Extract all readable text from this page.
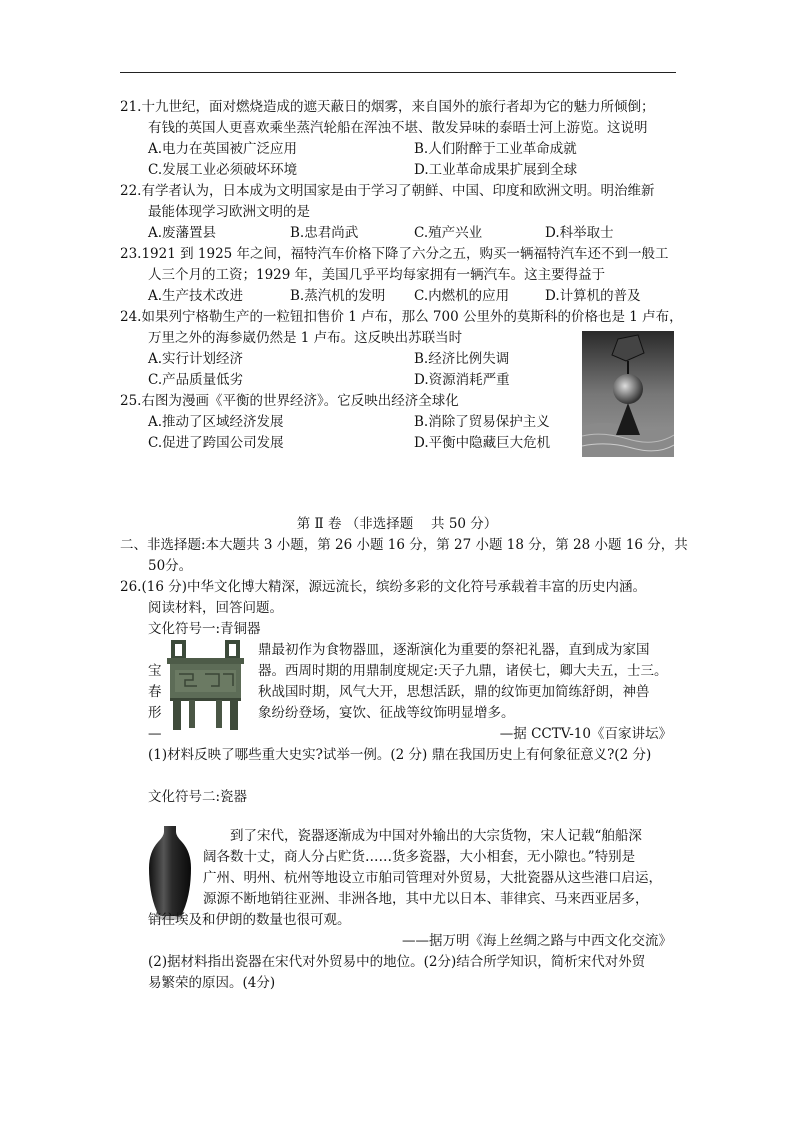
21.十九世纪，面对燃烧造成的遮天蔽日的烟雾，来自国外的旅行者却为它的魅力所倾倒；
有钱的英国人更喜欢乘坐蒸汽轮船在浑浊不堪、散发异味的泰晤士河上游览。这说明
A.电力在英国被广泛应用	B.人们附醉于工业革命成就
C.发展工业必须破坏环境	D.工业革命成果扩展到全球
22.有学者认为，日本成为文明国家是由于学习了朝鲜、中国、印度和欧洲文明。明治维新
最能体现学习欧洲文明的是
A.废藩置县	B.忠君尚武	C.殖产兴业	D.科举取士
23.1921 到 1925 年之间，福特汽车价格下降了六分之五，购买一辆福特汽车还不到一般工
人三个月的工资；1929 年，美国几乎平均每家拥有一辆汽车。这主要得益于
A.生产技术改进	B.蒸汽机的发明 C.内燃机的应用	D.计算机的普及
24.如果列宁格勒生产的一粒钮扣售价 1 卢布，那么 700 公里外的莫斯科的价格也是 1 卢布，
万里之外的海参崴仍然是 1 卢布。这反映出苏联当时
A.实行计划经济	B.经济比例失调
C.产品质量低劣	D.资源消耗严重
25.右图为漫画《平衡的世界经济》。它反映出经济全球化
A.推动了区域经济发展	B.消除了贸易保护主义
C.促进了跨国公司发展	D.平衡中隐藏巨大危机
第 Ⅱ 卷 （非选择题　 共 50 分）
二、非选择题:本大题共 3 小题，第 26 小题 16 分，第 27 小题 18 分，第 28 小题 16 分，共
50分。
26.(16 分)中华文化博大精深，源远流长，缤纷多彩的文化符号承载着丰富的历史内涵。
阅读材料，回答问题。
文化符号一:青铜器
鼎最初作为食物器皿，逐渐演化为重要的祭祀礼器，直到成为家国
宝	器。西周时期的用鼎制度规定:天子九鼎，诸侯七，卿大夫五，士三。
春	秋战国时期，风气大开，思想活跃，鼎的纹饰更加简练舒朗，神兽
形	象纷纷登场，宴饮、征战等纹饰明显增多。
—	—据 CCTV-10《百家讲坛》
(1)材料反映了哪些重大史实?试举一例。(2 分) 鼎在我国历史上有何象征意义?(2 分)
文化符号二:瓷器
到了宋代，瓷器逐渐成为中国对外输出的大宗货物，宋人记载“舶船深
阔各数十丈，商人分占贮货……货多瓷器，大小相套，无小隙也。”特别是
广州、明州、杭州等地设立市舶司管理对外贸易，大批瓷器从这些港口启运，
源源不断地销往亚洲、非洲各地，其中尤以日本、菲律宾、马来西亚居多，
销往埃及和伊朗的数量也很可观。
——据万明《海上丝绸之路与中西文化交流》
(2)据材料指出瓷器在宋代对外贸易中的地位。(2分)结合所学知识，简析宋代对外贸
易繁荣的原因。(4分)
